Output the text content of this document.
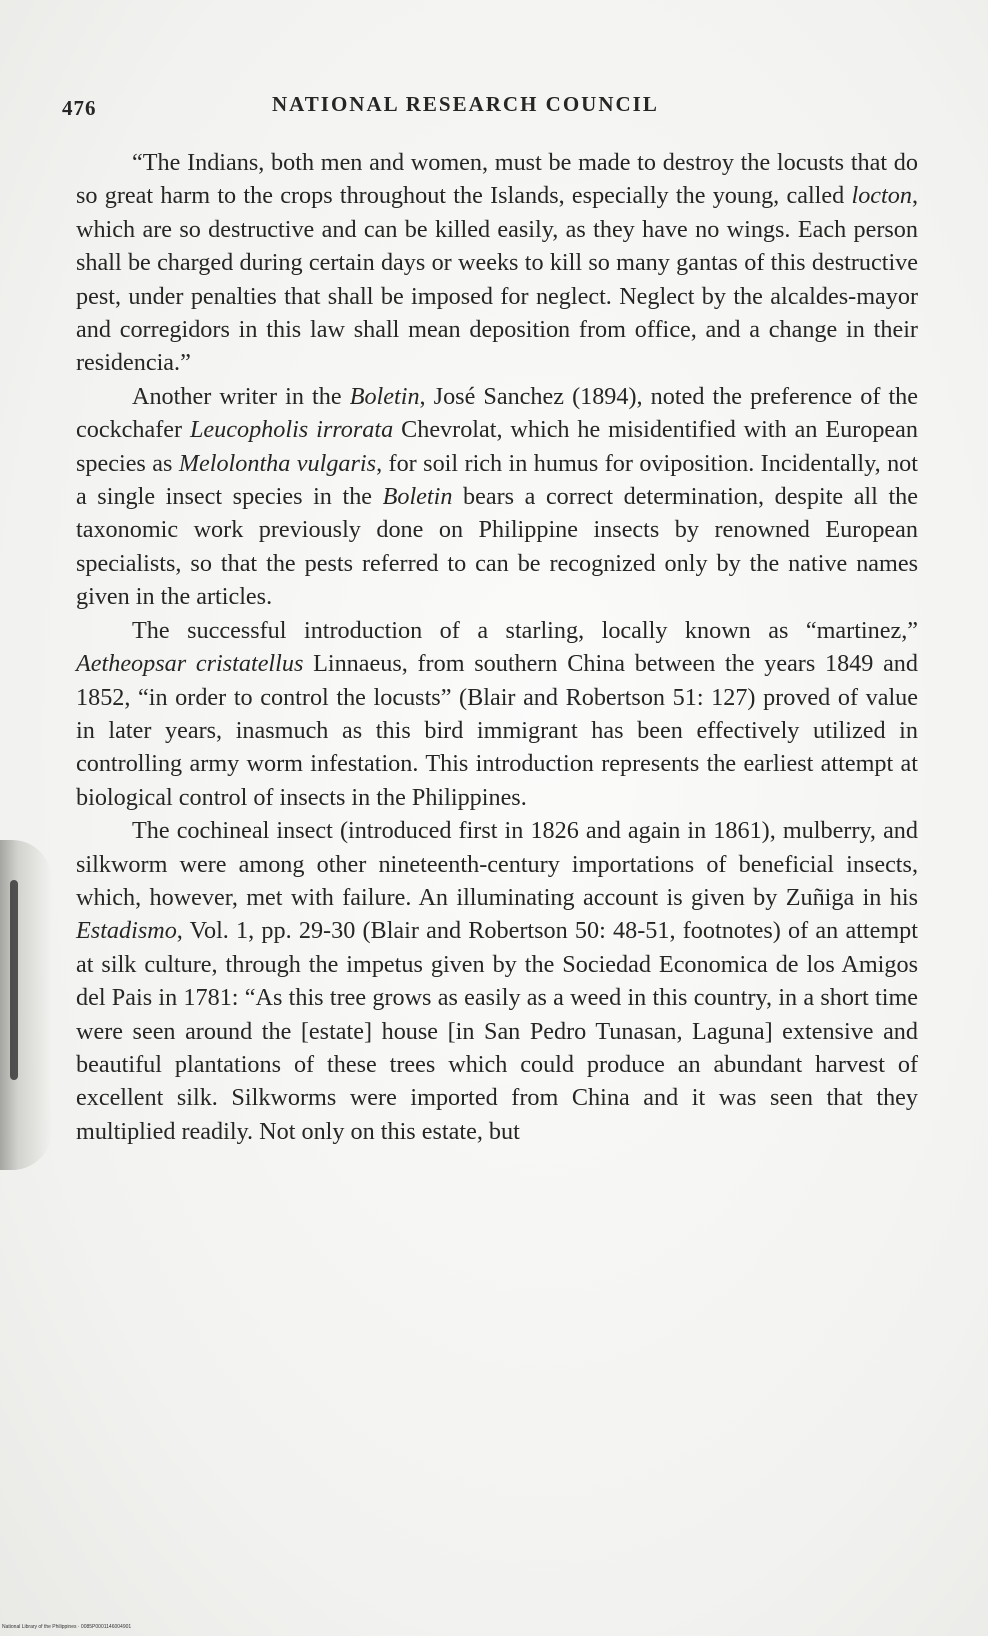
476	NATIONAL RESEARCH COUNCIL

“The Indians, both men and women, must be made to destroy the locusts that do so great harm to the crops throughout the Islands, especially the young, called locton, which are so destructive and can be killed easily, as they have no wings. Each person shall be charged during certain days or weeks to kill so many gantas of this destructive pest, under penalties that shall be imposed for neglect. Neglect by the alcaldes-mayor and corregidors in this law shall mean deposition from office, and a change in their residencia.”

Another writer in the Boletin, José Sanchez (1894), noted the preference of the cockchafer Leucopholis irrorata Chevrolat, which he misidentified with an European species as Melolontha vulgaris, for soil rich in humus for oviposition. Incidentally, not a single insect species in the Boletin bears a correct determination, despite all the taxonomic work previously done on Philippine insects by renowned European specialists, so that the pests referred to can be recognized only by the native names given in the articles.

The successful introduction of a starling, locally known as “martinez,” Aetheopsar cristatellus Linnaeus, from southern China between the years 1849 and 1852, “in order to control the locusts” (Blair and Robertson 51: 127) proved of value in later years, inasmuch as this bird immigrant has been effectively utilized in controlling army worm infestation. This introduction represents the earliest attempt at biological control of insects in the Philippines.

The cochineal insect (introduced first in 1826 and again in 1861), mulberry, and silkworm were among other nineteenth-century importations of beneficial insects, which, however, met with failure. An illuminating account is given by Zuñiga in his Estadismo, Vol. 1, pp. 29-30 (Blair and Robertson 50: 48-51, footnotes) of an attempt at silk culture, through the impetus given by the Sociedad Economica de los Amigos del Pais in 1781: “As this tree grows as easily as a weed in this country, in a short time were seen around the [estate] house [in San Pedro Tunasan, Laguna] extensive and beautiful plantations of these trees which could produce an abundant harvest of excellent silk. Silkworms were imported from China and it was seen that they multiplied readily. Not only on this estate, but

National Library of the Philippines · 0085P0001146004901
